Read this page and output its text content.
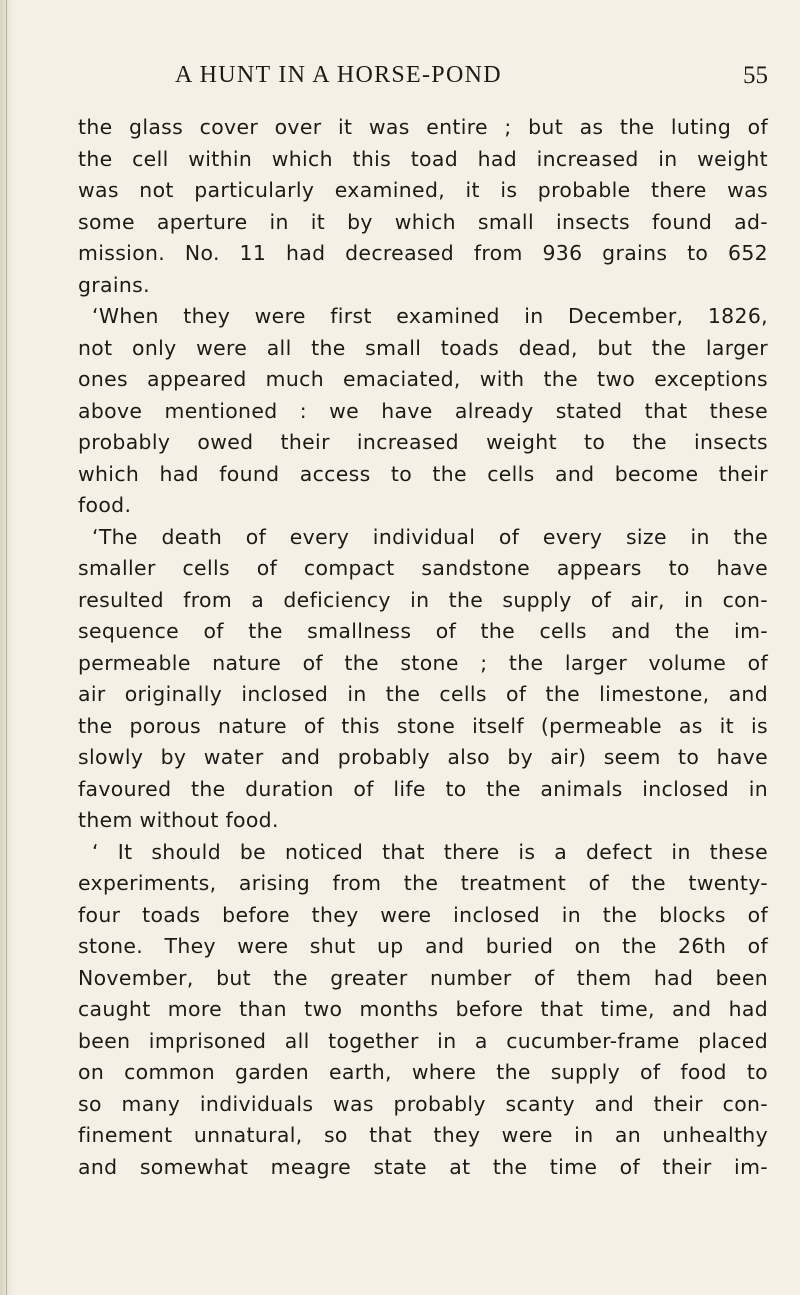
A HUNT IN A HORSE-POND	55
the glass cover over it was entire ; but as the luting of
the cell within which this toad had increased in weight
was not particularly examined, it is probable there was
some aperture in it by which small insects found ad-
mission. No. 11 had decreased from 936 grains to 652
grains.
‘When they were first examined in December, 1826,
not only were all the small toads dead, but the larger
ones appeared much emaciated, with the two exceptions
above mentioned : we have already stated that these
probably owed their increased weight to the insects
which had found access to the cells and become their
food.
‘The death of every individual of every size in the
smaller cells of compact sandstone appears to have
resulted from a deficiency in the supply of air, in con-
sequence of the smallness of the cells and the im-
permeable nature of the stone ; the larger volume of
air originally inclosed in the cells of the limestone, and
the porous nature of this stone itself (permeable as it is
slowly by water and probably also by air) seem to have
favoured the duration of life to the animals inclosed in
them without food.
‘ It should be noticed that there is a defect in these
experiments, arising from the treatment of the twenty-
four toads before they were inclosed in the blocks of
stone. They were shut up and buried on the 26th of
November, but the greater number of them had been
caught more than two months before that time, and had
been imprisoned all together in a cucumber-frame placed
on common garden earth, where the supply of food to
so many individuals was probably scanty and their con-
finement unnatural, so that they were in an unhealthy
and somewhat meagre state at the time of their im-
